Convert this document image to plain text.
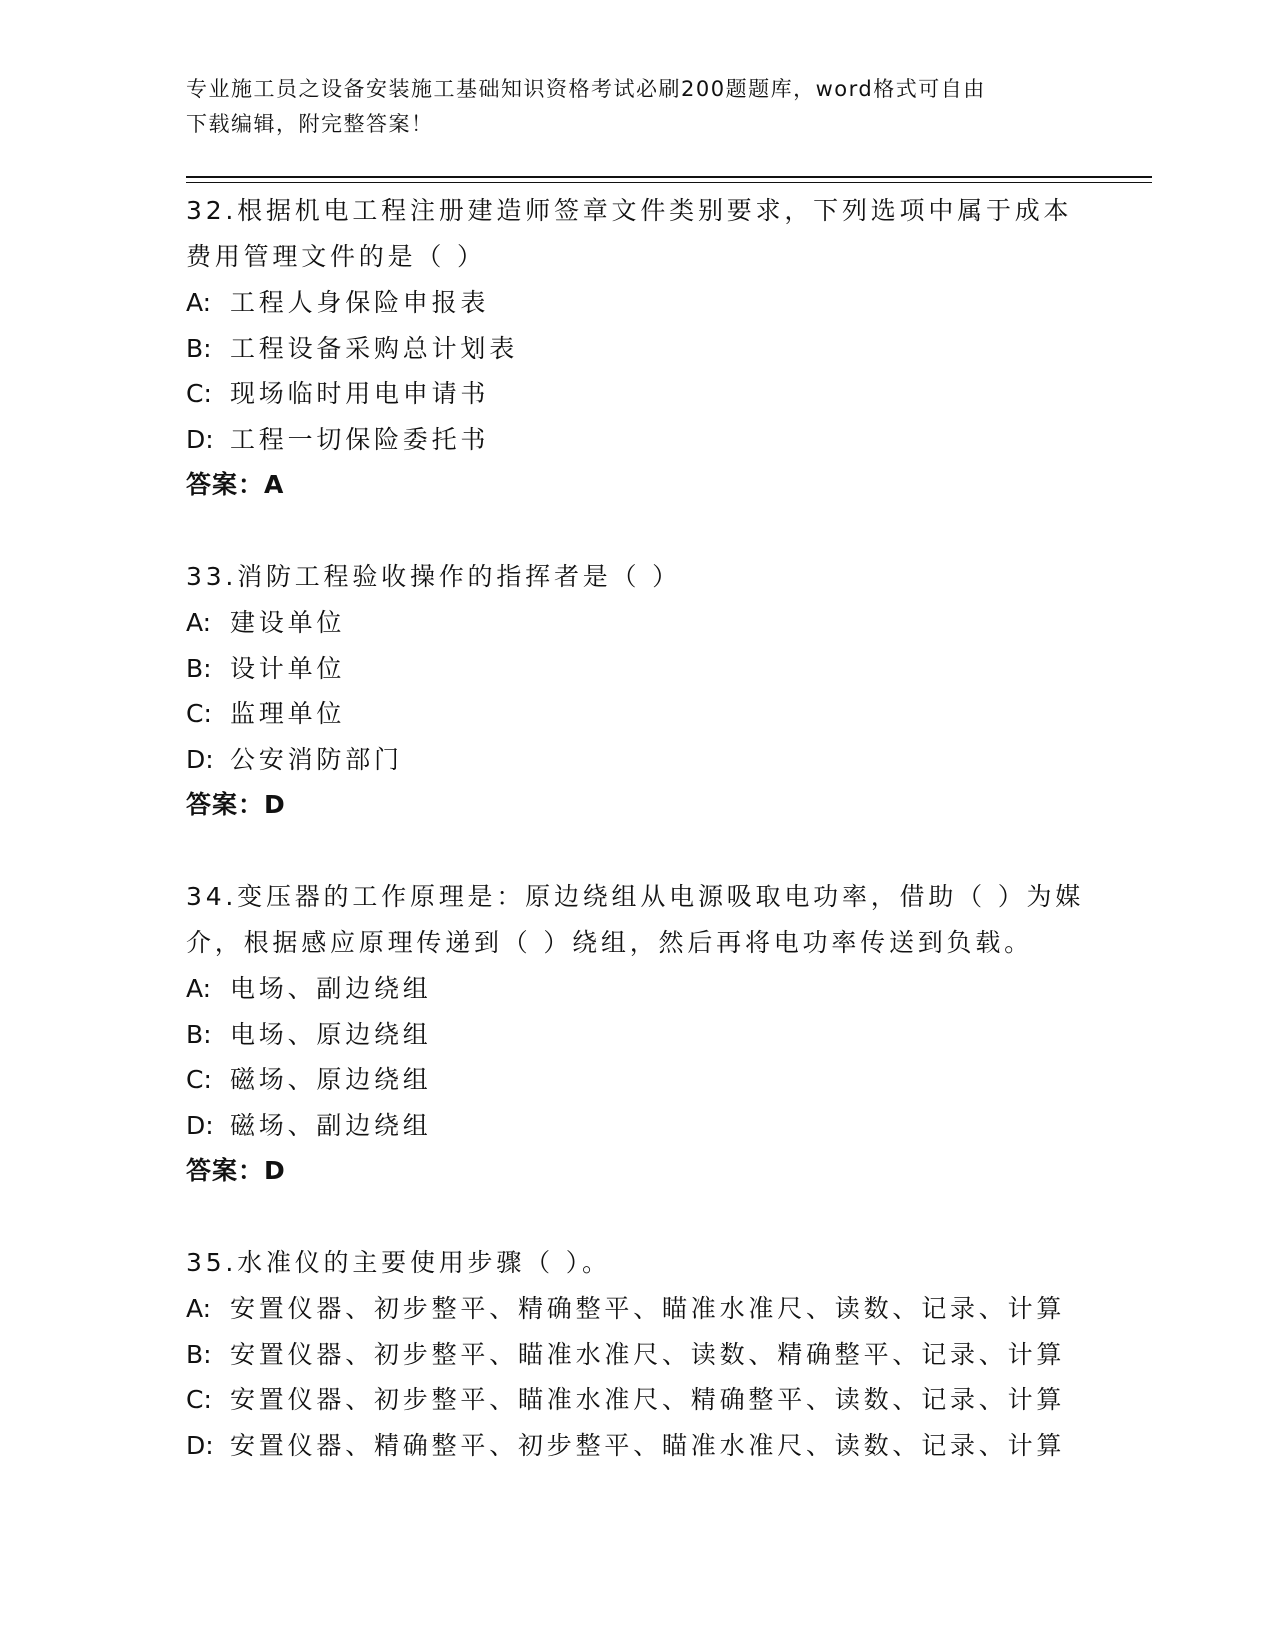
专业施工员之设备安装施工基础知识资格考试必刷200题题库，word格式可自由
下载编辑，附完整答案！
32.根据机电工程注册建造师签章文件类别要求，下列选项中属于成本费用管理文件的是（ ）
A: 工程人身保险申报表
B: 工程设备采购总计划表
C: 现场临时用电申请书
D: 工程一切保险委托书
答案：A
33.消防工程验收操作的指挥者是（ ）
A: 建设单位
B: 设计单位
C: 监理单位
D: 公安消防部门
答案：D
34.变压器的工作原理是：原边绕组从电源吸取电功率，借助（ ）为媒介，根据感应原理传递到（ ）绕组，然后再将电功率传送到负载。
A: 电场、副边绕组
B: 电场、原边绕组
C: 磁场、原边绕组
D: 磁场、副边绕组
答案：D
35.水准仪的主要使用步骤（ ）。
A: 安置仪器、初步整平、精确整平、瞄准水准尺、读数、记录、计算
B: 安置仪器、初步整平、瞄准水准尺、读数、精确整平、记录、计算
C: 安置仪器、初步整平、瞄准水准尺、精确整平、读数、记录、计算
D: 安置仪器、精确整平、初步整平、瞄准水准尺、读数、记录、计算
